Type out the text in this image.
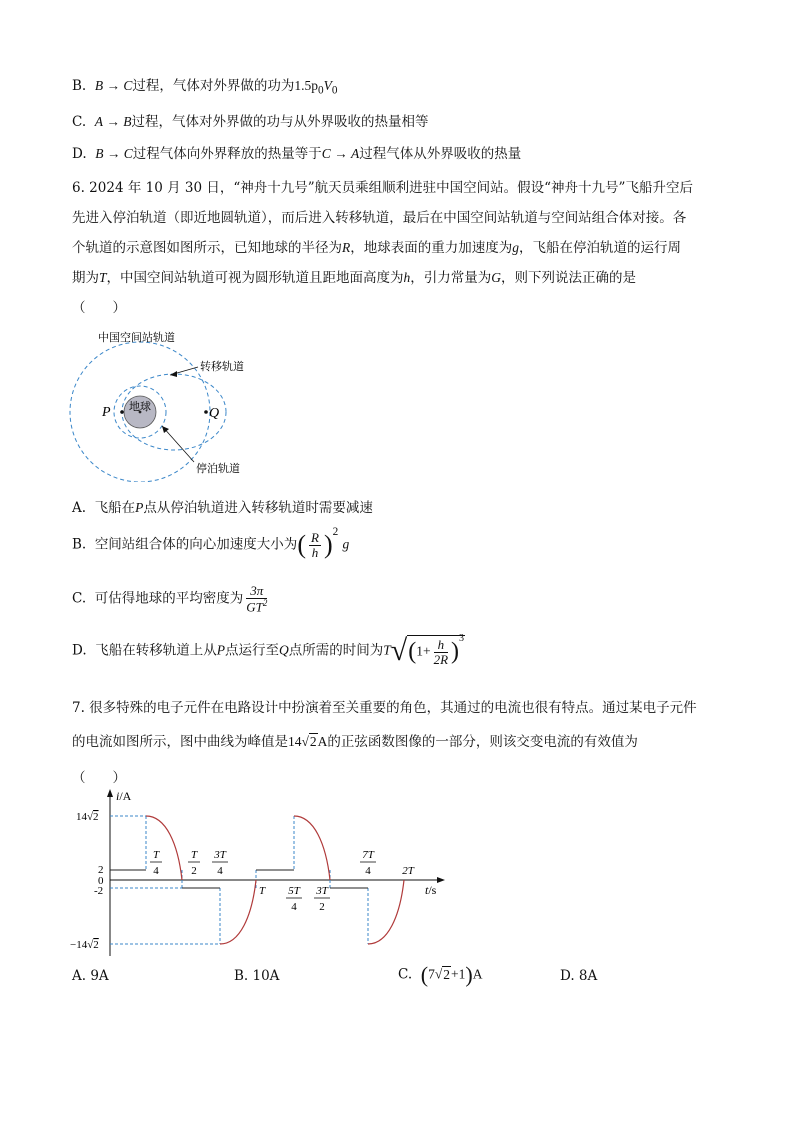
B. B → C过程，气体对外界做的功为$1.5p_0V_0$
C. A → B过程，气体对外界做的功与从外界吸收的热量相等
D. B → C过程气体向外界释放的热量等于C → A过程气体从外界吸收的热量
6. 2024 年 10 月 30 日，“神舟十九号”航天员乘组顺利进驻中国空间站。假设“神舟十九号”飞船升空后
先进入停泊轨道（即近地圆轨道），而后进入转移轨道，最后在中国空间站轨道与空间站组合体对接。各
个轨道的示意图如图所示，已知地球的半径为R，地球表面的重力加速度为g，飞船在停泊轨道的运行周
期为T，中国空间站轨道可视为圆形轨道且距地面高度为h，引力常量为G，则下列说法正确的是
（　　）
地球
P	Q
中国空间站轨道
转移轨道
停泊轨道
A. 飞船在P点从停泊轨道进入转移轨道时需要减速
B. 空间站组合体的向心加速度大小为( $\frac{R}{h} )^2$ g
C. 可估得地球的平均密度为 $\frac{3\pi}{GT^2}$
D. 飞船在转移轨道上从P点运行至Q点所需的时间为$T√(1+ \frac{h}{2R} )^3$
7. 很多特殊的电子元件在电路设计中扮演着至关重要的角色，其通过的电流也很有特点。通过某电子元件
的电流如图所示，图中曲线为峰值是14√2A的正弦函数图像的一部分，则该交变电流的有效值为
（　　）
i/A
t/s
14√2
2
0
-2
−14√2
T
4
T
2
3T
4
T 5T
4
3T
2
7T
4	2T
A. 9A	B. 10A	C. (7√2+1)A	D. 8A
